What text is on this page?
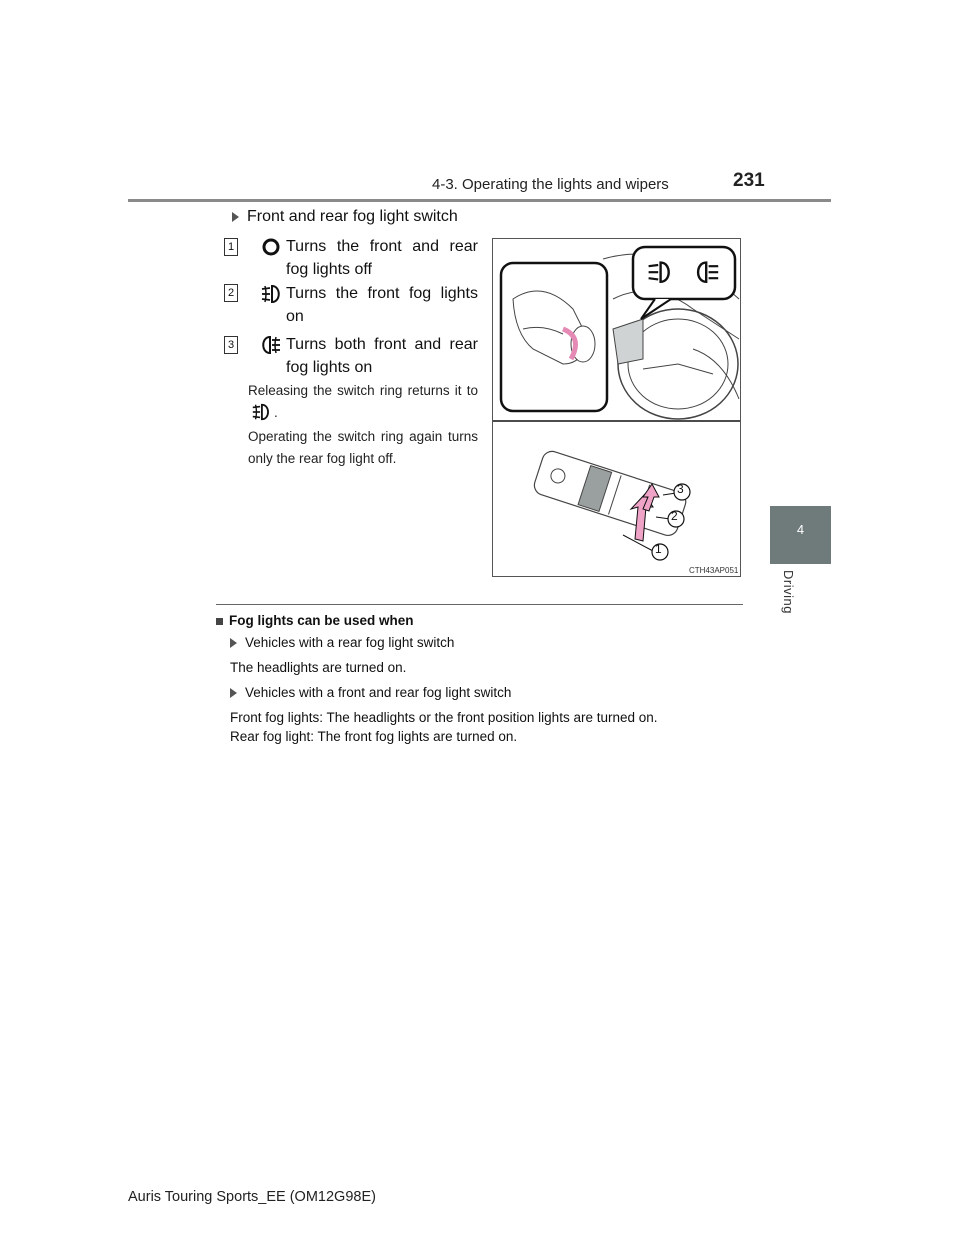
4-3. Operating the lights and wipers	231
4
Driving
Front and rear fog light switch
1	Turns the front and rear fog lights off
2	Turns the front fog lights on
3	Turns both front and rear fog lights on
Releasing the switch ring returns it to .
Operating the switch ring again turns only the rear fog light off.
3
2
1
CTH43AP051
Fog lights can be used when
Vehicles with a rear fog light switch
The headlights are turned on.
Vehicles with a front and rear fog light switch
Front fog lights: The headlights or the front position lights are turned on.
Rear fog light: The front fog lights are turned on.
Auris Touring Sports_EE (OM12G98E)
